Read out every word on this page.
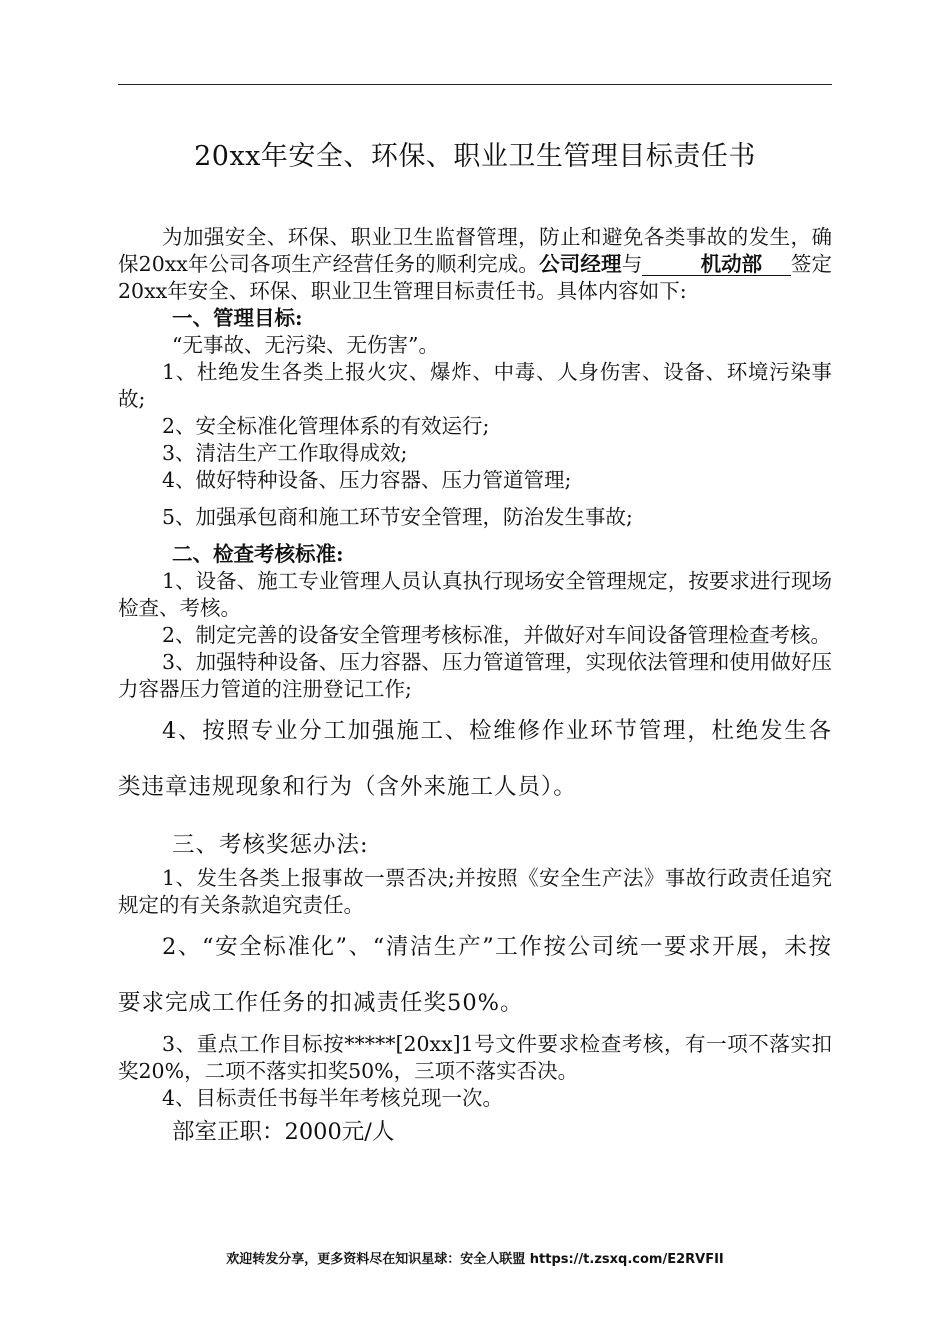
20xx年安全、环保、职业卫生管理目标责任书

为加强安全、环保、职业卫生监督管理，防止和避免各类事故的发生，确保20xx年公司各项生产经营任务的顺利完成。公司经理与	机动部 签定20xx年安全、环保、职业卫生管理目标责任书。具体内容如下:

一、管理目标:

“无事故、无污染、无伤害”。

1、杜绝发生各类上报火灾、爆炸、中毒、人身伤害、设备、环境污染事故;

2、安全标准化管理体系的有效运行;

3、清洁生产工作取得成效;

4、做好特种设备、压力容器、压力管道管理;

5、加强承包商和施工环节安全管理，防治发生事故;

二、检查考核标准:

1、设备、施工专业管理人员认真执行现场安全管理规定，按要求进行现场检查、考核。

2、制定完善的设备安全管理考核标准，并做好对车间设备管理检查考核。

3、加强特种设备、压力容器、压力管道管理，实现依法管理和使用做好压力容器压力管道的注册登记工作;

4、按照专业分工加强施工、检维修作业环节管理，杜绝发生各类违章违规现象和行为（含外来施工人员）。

三、考核奖惩办法:

1、发生各类上报事故一票否决;并按照《安全生产法》事故行政责任追究规定的有关条款追究责任。

2、“安全标准化”、“清洁生产”工作按公司统一要求开展，未按要求完成工作任务的扣减责任奖50%。

3、重点工作目标按*****[20xx]1号文件要求检查考核，有一项不落实扣奖20%，二项不落实扣奖50%，三项不落实否决。

4、目标责任书每半年考核兑现一次。

部室正职：2000元/人

欢迎转发分享，更多资料尽在知识星球：安全人联盟 https://t.zsxq.com/E2RVFII
